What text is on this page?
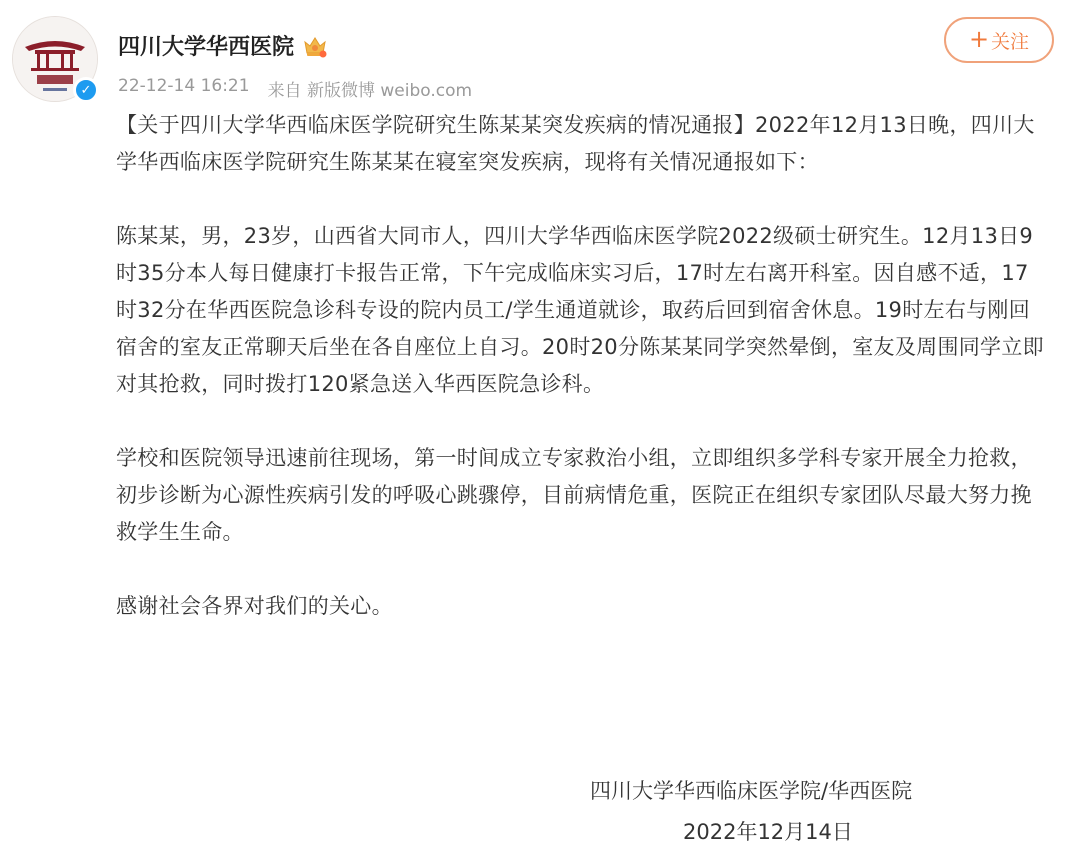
✓
四川大学华西医院
22-12-14 16:21 来自 新版微博 weibo.com
+ 关注

【关于四川大学华西临床医学院研究生陈某某突发疾病的情况通报】2022年12月13日晚，四川大学华西临床医学院研究生陈某某在寝室突发疾病，现将有关情况通报如下：

陈某某，男，23岁，山西省大同市人，四川大学华西临床医学院2022级硕士研究生。12月13日9时35分本人每日健康打卡报告正常，下午完成临床实习后，17时左右离开科室。因自感不适，17时32分在华西医院急诊科专设的院内员工/学生通道就诊，取药后回到宿舍休息。19时左右与刚回宿舍的室友正常聊天后坐在各自座位上自习。20时20分陈某某同学突然晕倒，室友及周围同学立即对其抢救，同时拨打120紧急送入华西医院急诊科。

学校和医院领导迅速前往现场，第一时间成立专家救治小组，立即组织多学科专家开展全力抢救，初步诊断为心源性疾病引发的呼吸心跳骤停，目前病情危重，医院正在组织专家团队尽最大努力挽救学生生命。

感谢社会各界对我们的关心。

四川大学华西临床医学院/华西医院
2022年12月14日
